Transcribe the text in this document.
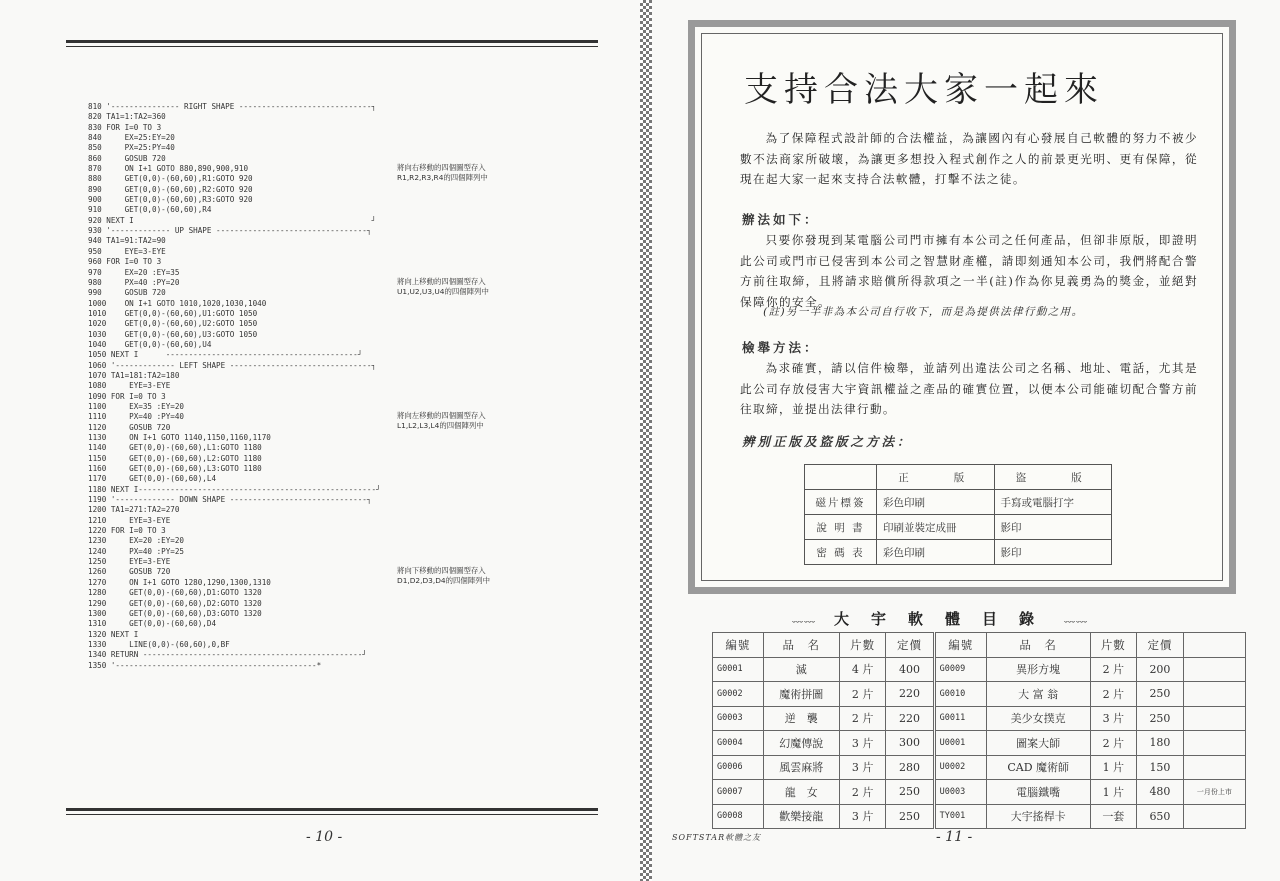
810 '--------------- RIGHT SHAPE -----------------------------┐
820 TA1=1:TA2=360
830 FOR I=0 TO 3
840     EX=25:EY=20
850     PX=25:PY=40
860     GOSUB 720
870     ON I+1 GOTO 880,890,900,910
880     GET(0,0)-(60,60),R1:GOTO 920
890     GET(0,0)-(60,60),R2:GOTO 920
900     GET(0,0)-(60,60),R3:GOTO 920
910     GET(0,0)-(60,60),R4
920 NEXT I                                                    ┘
930 '------------- UP SHAPE ---------------------------------┐
940 TA1=91:TA2=90
950     EYE=3-EYE
960 FOR I=0 TO 3
970     EX=20 :EY=35
980     PX=40 :PY=20
990     GOSUB 720
1000    ON I+1 GOTO 1010,1020,1030,1040
1010    GET(0,0)-(60,60),U1:GOTO 1050
1020    GET(0,0)-(60,60),U2:GOTO 1050
1030    GET(0,0)-(60,60),U3:GOTO 1050
1040    GET(0,0)-(60,60),U4
1050 NEXT I      ------------------------------------------┘
1060 '------------- LEFT SHAPE -------------------------------┐
1070 TA1=181:TA2=180
1080     EYE=3-EYE
1090 FOR I=0 TO 3
1100     EX=35 :EY=20
1110     PX=40 :PY=40
1120     GOSUB 720
1130     ON I+1 GOTO 1140,1150,1160,1170
1140     GET(0,0)-(60,60),L1:GOTO 1180
1150     GET(0,0)-(60,60),L2:GOTO 1180
1160     GET(0,0)-(60,60),L3:GOTO 1180
1170     GET(0,0)-(60,60),L4
1180 NEXT I----------------------------------------------------┘
1190 '------------- DOWN SHAPE ------------------------------┐
1200 TA1=271:TA2=270
1210     EYE=3-EYE
1220 FOR I=0 TO 3
1230     EX=20 :EY=20
1240     PX=40 :PY=25
1250     EYE=3-EYE
1260     GOSUB 720
1270     ON I+1 GOTO 1280,1290,1300,1310
1280     GET(0,0)-(60,60),D1:GOTO 1320
1290     GET(0,0)-(60,60),D2:GOTO 1320
1300     GET(0,0)-(60,60),D3:GOTO 1320
1310     GET(0,0)-(60,60),D4
1320 NEXT I
1330     LINE(0,0)-(60,60),0,BF
1340 RETURN ------------------------------------------------┘
1350 '--------------------------------------------*
將向右移動的四個圖型存入
R1,R2,R3,R4的四個陣列中
將向上移動的四個圖型存入
U1,U2,U3,U4的四個陣列中
將向左移動的四個圖型存入
L1,L2,L3,L4的四個陣列中
將向下移動的四個圖型存入
D1,D2,D3,D4的四個陣列中
- 10 -
支持合法大家一起來
為了保障程式設計師的合法權益，為讓國內有心發展自己軟體的努力不被少數不法商家所破壞，為讓更多想投入程式創作之人的前景更光明、更有保障，從現在起大家一起來支持合法軟體，打擊不法之徒。
辦法如下：
只要你發現到某電腦公司門市擁有本公司之任何產品，但卻非原版，即證明此公司或門市已侵害到本公司之智慧財產權，請即刻通知本公司，我們將配合警方前往取締，且將請求賠償所得款項之一半(註)作為你見義勇為的獎金，並絕對保障你的安全。
(註)另一半非為本公司自行收下，而是為提供法律行動之用。
檢舉方法：
為求確實，請以信件檢舉，並請列出違法公司之名稱、地址、電話，尤其是此公司存放侵害大宇資訊權益之產品的確實位置，以便本公司能確切配合警方前往取締，並提出法律行動。
辨別正版及盜版之方法：
	正　　版	盜　　版
磁片標簽	彩色印刷	手寫或電腦打字
說 明 書	印刷並裝定成冊	影印
密 碼 表	彩色印刷	影印
﹏﹏ 大宇軟體目錄 ﹏﹏
編號	品　名	片數	定價	編號	品　名	片數	定價	
G0001	滅	4 片	400	G0009	異形方塊	2 片	200	
G0002	魔術拼圖	2 片	220	G0010	大 富 翁	2 片	250	
G0003	逆　襲	2 片	220	G0011	美少女撲克	3 片	250	
G0004	幻魔傳說	3 片	300	U0001	圖案大師	2 片	180	
G0006	風雲麻將	3 片	280	U0002	CAD 魔術師	1 片	150	
G0007	龍　女	2 片	250	U0003	電腦鐵嘴	1 片	480	一月份上市
G0008	歡樂接龍	3 片	250	TY001	大宇搖桿卡	一套	650	
SOFTSTAR軟體之友	- 11 -
